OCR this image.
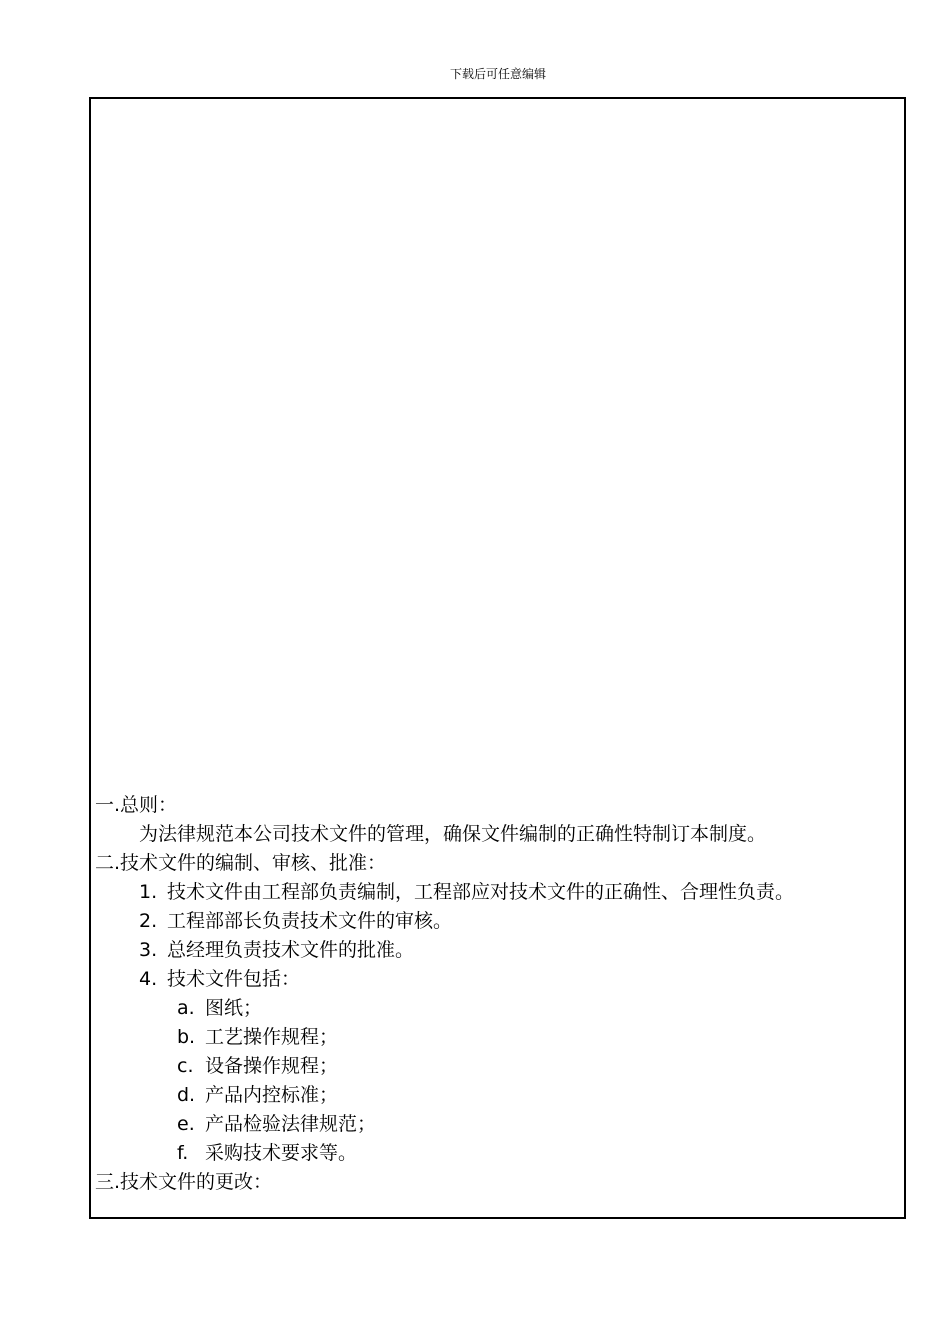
下载后可任意编辑
一.总则：
为法律规范本公司技术文件的管理，确保文件编制的正确性特制订本制度。
二.技术文件的编制、审核、批准：
1. 技术文件由工程部负责编制，工程部应对技术文件的正确性、合理性负责。
2. 工程部部长负责技术文件的审核。
3. 总经理负责技术文件的批准。
4. 技术文件包括：
a. 图纸；
b. 工艺操作规程；
c. 设备操作规程；
d. 产品内控标准；
e. 产品检验法律规范；
f. 采购技术要求等。
三.技术文件的更改：
